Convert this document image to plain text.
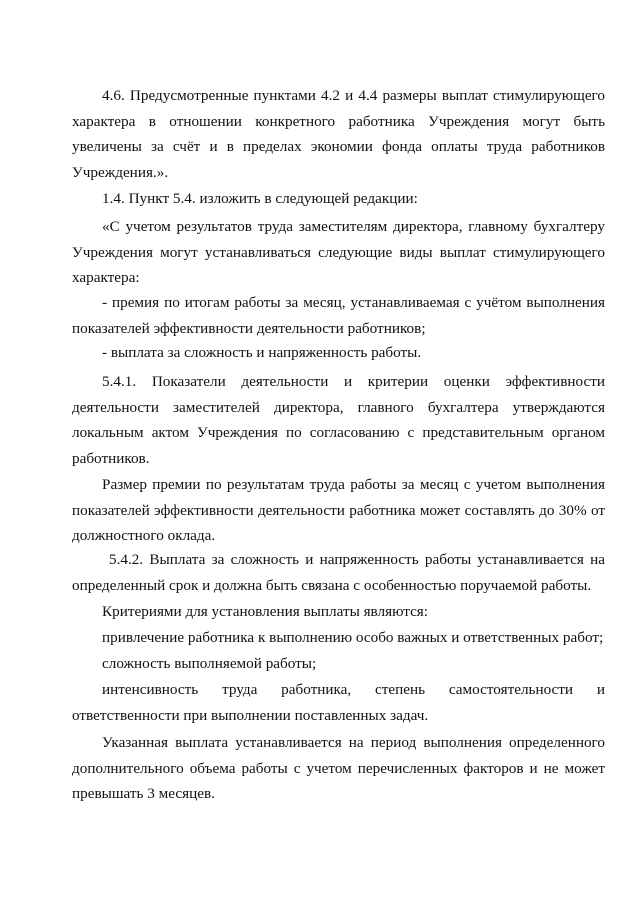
4.6. Предусмотренные пунктами 4.2 и 4.4 размеры выплат стимулирующего характера в отношении конкретного работника Учреждения могут быть увеличены за счёт и в пределах экономии фонда оплаты труда работников Учреждения.».

1.4. Пункт 5.4. изложить в следующей редакции:

«С учетом результатов труда заместителям директора, главному бухгалтеру Учреждения могут устанавливаться следующие виды выплат стимулирующего характера:

- премия по итогам работы за месяц, устанавливаемая с учётом выполнения показателей эффективности деятельности работников;

- выплата за сложность и напряженность работы.

5.4.1. Показатели деятельности и критерии оценки эффективности деятельности заместителей директора, главного бухгалтера утверждаются локальным актом Учреждения по согласованию с представительным органом работников.

Размер премии по результатам труда работы за месяц с учетом выполнения показателей эффективности деятельности работника может составлять до 30% от должностного оклада.

5.4.2. Выплата за сложность и напряженность работы устанавливается на определенный срок и должна быть связана с особенностью поручаемой работы.

Критериями для установления выплаты являются:

привлечение работника к выполнению особо важных и ответственных работ;

сложность выполняемой работы;

интенсивность труда работника, степень самостоятельности и ответственности при выполнении поставленных задач.

Указанная выплата устанавливается на период выполнения определенного дополнительного объема работы с учетом перечисленных факторов и не может превышать 3 месяцев.
